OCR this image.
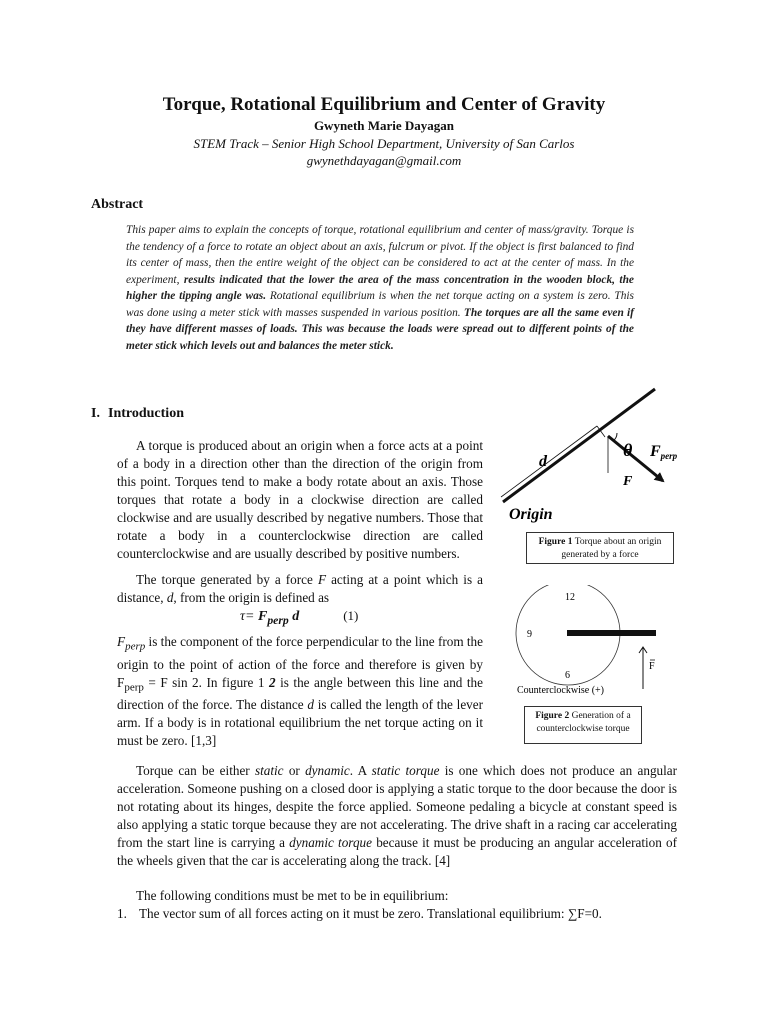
Torque, Rotational Equilibrium and Center of Gravity
Gwyneth Marie Dayagan
STEM Track – Senior High School Department, University of San Carlos
gwynethdayagan@gmail.com
Abstract
This paper aims to explain the concepts of torque, rotational equilibrium and center of mass/gravity. Torque is the tendency of a force to rotate an object about an axis, fulcrum or pivot. If the object is first balanced to find its center of mass, then the entire weight of the object can be considered to act at the center of mass. In the experiment, results indicated that the lower the area of the mass concentration in the wooden block, the higher the tipping angle was. Rotational equilibrium is when the net torque acting on a system is zero. This was done using a meter stick with masses suspended in various position. The torques are all the same even if they have different masses of loads. This was because the loads were spread out to different points of the meter stick which levels out and balances the meter stick.
I. Introduction
A torque is produced about an origin when a force acts at a point of a body in a direction other than the direction of the origin from this point. Torques tend to make a body rotate about an axis. Those torques that rotate a body in a clockwise direction are called clockwise and are usually described by negative numbers. Those that rotate a body in a counterclockwise direction are called counterclockwise and are usually described by positive numbers.
The torque generated by a force F acting at a point which is a distance, d, from the origin is defined as
$\tau= F_{perp}$ d	(1)
$F_{perp}$ is the component of the force perpendicular to the line from the origin to the point of action of the force and therefore is given by $F_{perp} = F$ sin 2. In figure 1 2 is the angle between this line and the direction of the force. The distance d is called the length of the lever arm. If a body is in rotational equilibrium the net torque acting on it must be zero. [1,3]
Torque can be either static or dynamic. A static torque is one which does not produce an angular acceleration. Someone pushing on a closed door is applying a static torque to the door because the door is not rotating about its hinges, despite the force applied. Someone pedaling a bicycle at constant speed is also applying a static torque because they are not accelerating. The drive shaft in a racing car accelerating from the start line is carrying a dynamic torque because it must be producing an angular acceleration of the wheels given that the car is accelerating along the track. [4]
The following conditions must be met to be in equilibrium:
1. The vector sum of all forces acting on it must be zero. Translational equilibrium: ∑F=0.
d
θ Fperp
F
Origin
Figure 1 Torque about an origin generated by a force
12
9
6
F
Counterclockwise (+)
Figure 2 Generation of a counterclockwise torque
